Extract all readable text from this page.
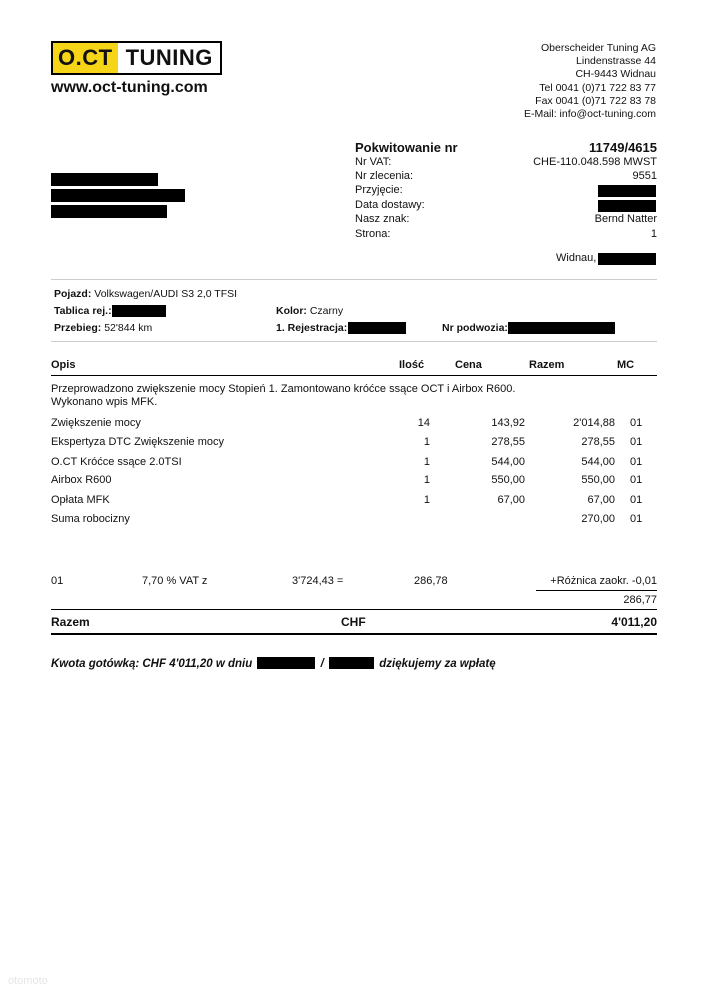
O.CT TUNING
www.oct-tuning.com
Oberscheider Tuning AG
Lindenstrasse 44
CH-9443 Widnau
Tel 0041 (0)71 722 83 77
Fax 0041 (0)71 722 83 78
E-Mail: info@oct-tuning.com
Pokwitowanie nr	11749/4615
Nr VAT:	CHE-110.048.598 MWST
Nr zlecenia:	9551
Przyjęcie:
Data dostawy:
Nasz znak:	Bernd Natter
Strona:	1
Widnau,
Pojazd: Volkswagen/AUDI S3 2,0 TFSI
Tablica rej.:	Kolor: Czarny
Przebieg: 52'844 km	1. Rejestracja:	Nr podwozia:
Opis	Ilość	Cena	Razem	MC
Przeprowadzono zwiększenie mocy Stopień 1. Zamontowano króćce ssące OCT i Airbox R600.
Wykonano wpis MFK.
Zwiększenie mocy	14	143,92	2'014,88 01
Ekspertyza DTC Zwiększenie mocy	1	278,55	278,55 01
O.CT Króćce ssące 2.0TSI	1	544,00	544,00 01
Airbox R600	1	550,00	550,00 01
Opłata MFK	1	67,00	67,00 01
Suma robocizny	270,00 01
01	7,70 % VAT z	3'724,43 =	286,78	+Różnica zaokr. -0,01
286,77
Razem	CHF	4'011,20
Kwota gotówką: CHF 4'011,20 w dniu	/	dziękujemy za wpłatę
otomoto
